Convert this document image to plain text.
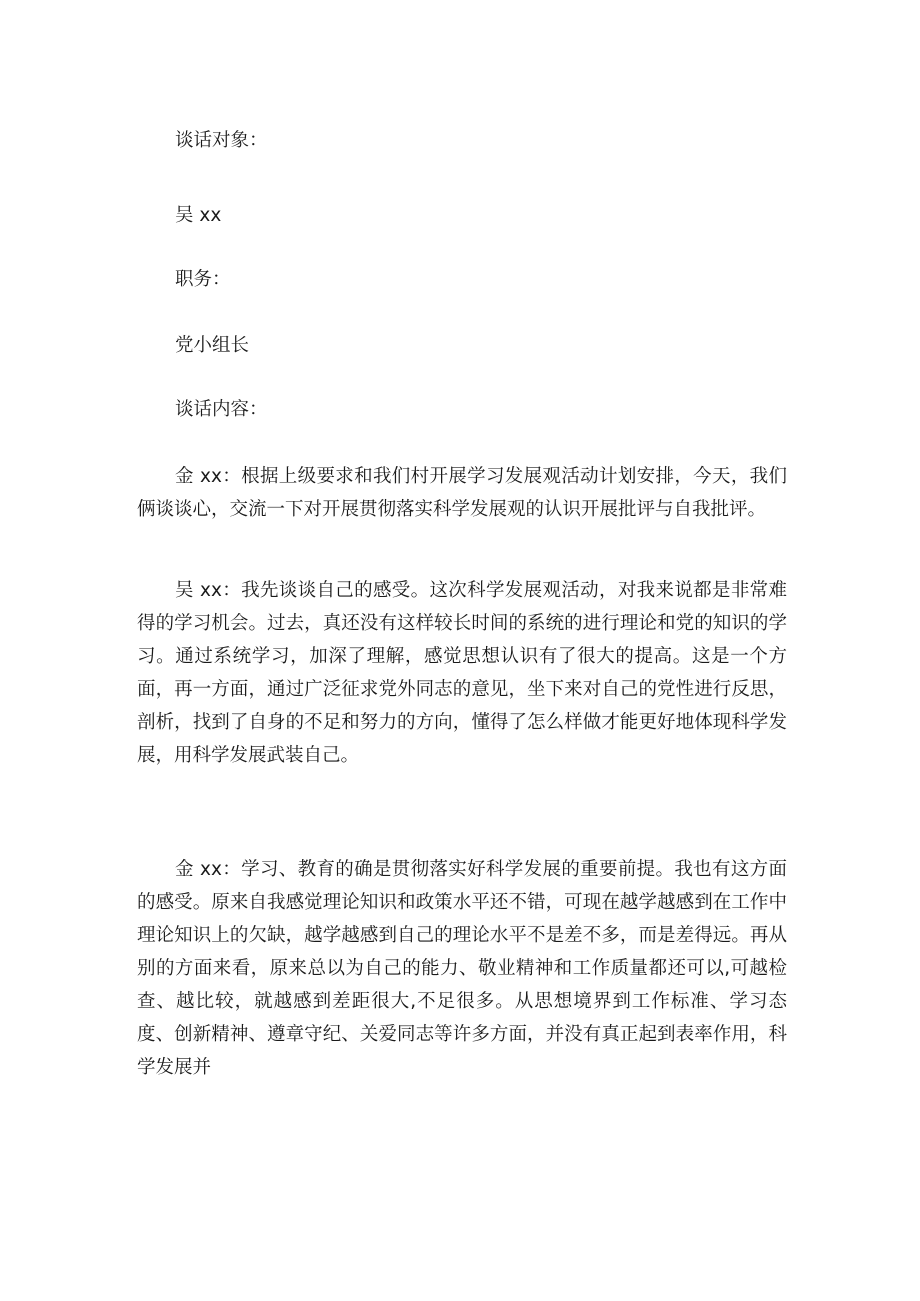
谈话对象：

吴 xx

职务：

党小组长

谈话内容：

金 xx：根据上级要求和我们村开展学习发展观活动计划安排，今天，我们俩谈谈心，交流一下对开展贯彻落实科学发展观的认识开展批评与自我批评。

吴 xx：我先谈谈自己的感受。这次科学发展观活动，对我来说都是非常难得的学习机会。过去，真还没有这样较长时间的系统的进行理论和党的知识的学习。通过系统学习，加深了理解，感觉思想认识有了很大的提高。这是一个方面，再一方面，通过广泛征求党外同志的意见，坐下来对自己的党性进行反思，剖析，找到了自身的不足和努力的方向，懂得了怎么样做才能更好地体现科学发展，用科学发展武装自己。

金 xx：学习、教育的确是贯彻落实好科学发展的重要前提。我也有这方面的感受。原来自我感觉理论知识和政策水平还不错，可现在越学越感到在工作中理论知识上的欠缺，越学越感到自己的理论水平不是差不多，而是差得远。再从别的方面来看，原来总以为自己的能力、敬业精神和工作质量都还可以,可越检查、越比较，就越感到差距很大,不足很多。从思想境界到工作标准、学习态度、创新精神、遵章守纪、关爱同志等许多方面，并没有真正起到表率作用，科学发展并
